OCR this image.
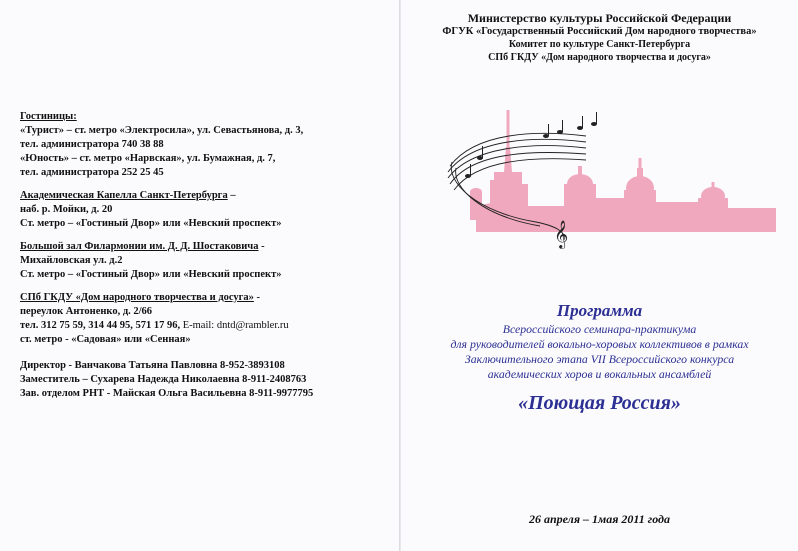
Гостиницы:
«Турист» – ст. метро «Электросила», ул. Севастьянова, д. 3,
тел. администратора 740 38 88
«Юность» – ст. метро «Нарвская», ул. Бумажная, д. 7,
тел. администратора 252 25 45
Академическая Капелла Санкт-Петербурга –
наб. р. Мойки, д. 20
Ст. метро – «Гостиный Двор» или «Невский проспект»
Большой зал Филармонии им. Д. Д. Шостаковича -
Михайловская ул. д.2
Ст. метро – «Гостиный Двор» или «Невский проспект»
СПб ГКДУ «Дом народного творчества и досуга» -
переулок Антоненко, д. 2/66
тел. 312 75 59, 314 44 95, 571 17 96, E-mail: dntd@rambler.ru
ст. метро - «Садовая» или «Сенная»
Директор - Ванчакова Татьяна Павловна 8-952-3893108
Заместитель – Сухарева Надежда Николаевна 8-911-2408763
Зав. отделом РНТ - Майская Ольга Васильевна 8-911-9977795
Министерство культуры Российской Федерации
ФГУК «Государственный Российский Дом народного творчества»
Комитет по культуре Санкт-Петербурга
СПб ГКДУ «Дом народного творчества и досуга»
𝄞
Программа
Всероссийского семинара-практикума
для руководителей вокально-хоровых коллективов в рамках
Заключительного этапа VII Всероссийского конкурса
академических хоров и вокальных ансамблей
«Поющая Россия»
26 апреля – 1мая 2011 года
